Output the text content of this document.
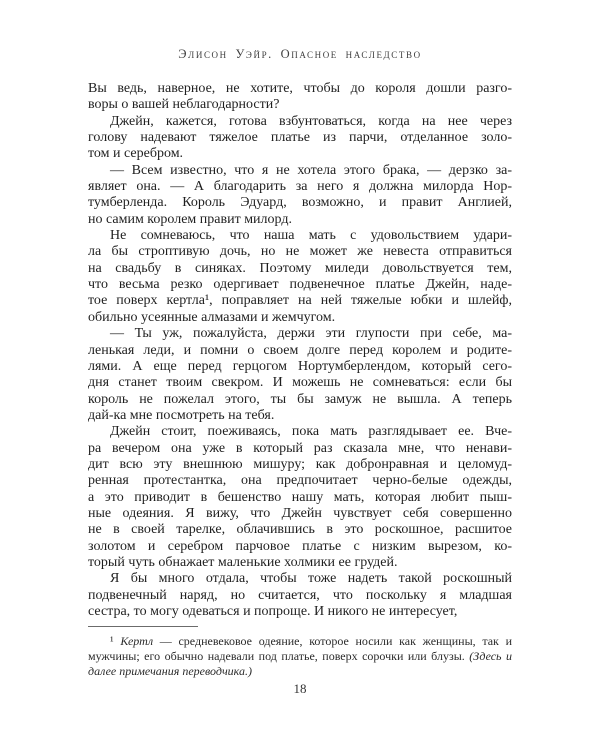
Элисон Уэйр. Опасное наследство
Вы ведь, наверное, не хотите, чтобы до короля дошли разго-
воры о вашей неблагодарности?
Джейн, кажется, готова взбунтоваться, когда на нее через
голову надевают тяжелое платье из парчи, отделанное золо-
том и серебром.
— Всем известно, что я не хотела этого брака, — дерзко за-
являет она. — А благодарить за него я должна милорда Нор-
тумберленда. Король Эдуард, возможно, и правит Англией,
но самим королем правит милорд.
Не сомневаюсь, что наша мать с удовольствием удари-
ла бы строптивую дочь, но не может же невеста отправиться
на свадьбу в синяках. Поэтому миледи довольствуется тем,
что весьма резко одергивает подвенечное платье Джейн, наде-
тое поверх кертла¹, поправляет на ней тяжелые юбки и шлейф,
обильно усеянные алмазами и жемчугом.
— Ты уж, пожалуйста, держи эти глупости при себе, ма-
ленькая леди, и помни о своем долге перед королем и родите-
лями. А еще перед герцогом Нортумберлендом, который сего-
дня станет твоим свекром. И можешь не сомневаться: если бы
король не пожелал этого, ты бы замуж не вышла. А теперь
дай-ка мне посмотреть на тебя.
Джейн стоит, поеживаясь, пока мать разглядывает ее. Вче-
ра вечером она уже в который раз сказала мне, что ненави-
дит всю эту внешнюю мишуру; как добронравная и целомуд-
ренная протестантка, она предпочитает черно-белые одежды,
а это приводит в бешенство нашу мать, которая любит пыш-
ные одеяния. Я вижу, что Джейн чувствует себя совершенно
не в своей тарелке, облачившись в это роскошное, расшитое
золотом и серебром парчовое платье с низким вырезом, ко-
торый чуть обнажает маленькие холмики ее грудей.
Я бы много отдала, чтобы тоже надеть такой роскошный
подвенечный наряд, но считается, что поскольку я младшая
сестра, то могу одеваться и попроще. И никого не интересует,

¹ Кертл — средневековое одеяние, которое носили как женщины, так и мужчины; его обычно надевали под платье, поверх сорочки или блузы. (Здесь и далее примечания переводчика.)

18
